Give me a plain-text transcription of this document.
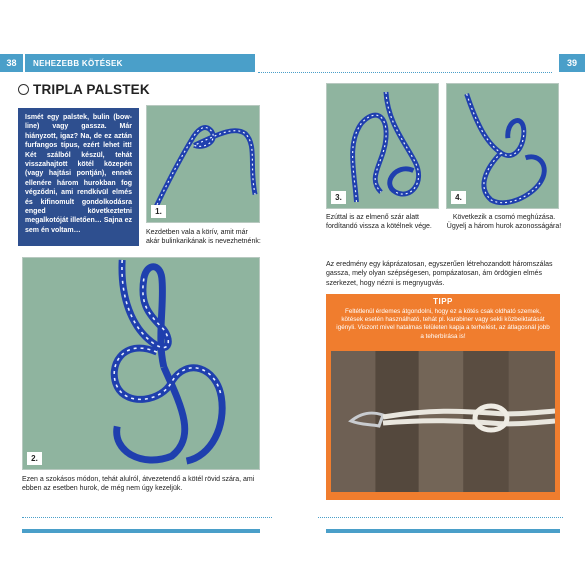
38	NEHEZEBB KÖTÉSEK	39
TRIPLA PALSTEK
Ismét egy palstek, bulin (bow-line) vagy gassza. Már hiányzott, igaz? Na, de ez aztán furfangos típus, ezért lehet itt! Két szálból készül, tehát visszahajtott kötél közepén (vagy hajtási pontján), ennek ellenére három hurokban fog végződni, ami rendkívül elmés és kifinomult gondolkodásra enged következtetni megalkotóját illetően… Sajna ez sem én voltam…
1.
Kezdetben vala a körív, amit már akár bulinkarikának is nevezhetnénk:
3.
Ezúttal is az elmenő szár alatt fordítandó vissza a kötélnek vége.
4.
Következik a csomó meghúzása. Ügyelj a három hurok azonosságára!
2.
Ezen a szokásos módon, tehát alulról, átvezetendő a kötél rövid szára, ami ebben az esetben hurok, de még nem úgy kezeljük.
Az eredmény egy káprázatosan, egyszerűen létrehozandott háromszálas gassza, mely olyan szépségesen, pompázatosan, ám ördögien elmés szerkezet, hogy nézni is megnyugvás.
TIPP
Feltétlenül érdemes átgondolni, hogy ez a kötés csak oldható szemek, kötések esetén használható, tehát pl. karabiner vagy sekli közbeiktatását igényli. Viszont mivel hatalmas felületen kapja a terhelést, az átlagosnál jobb a teherbírása is!
